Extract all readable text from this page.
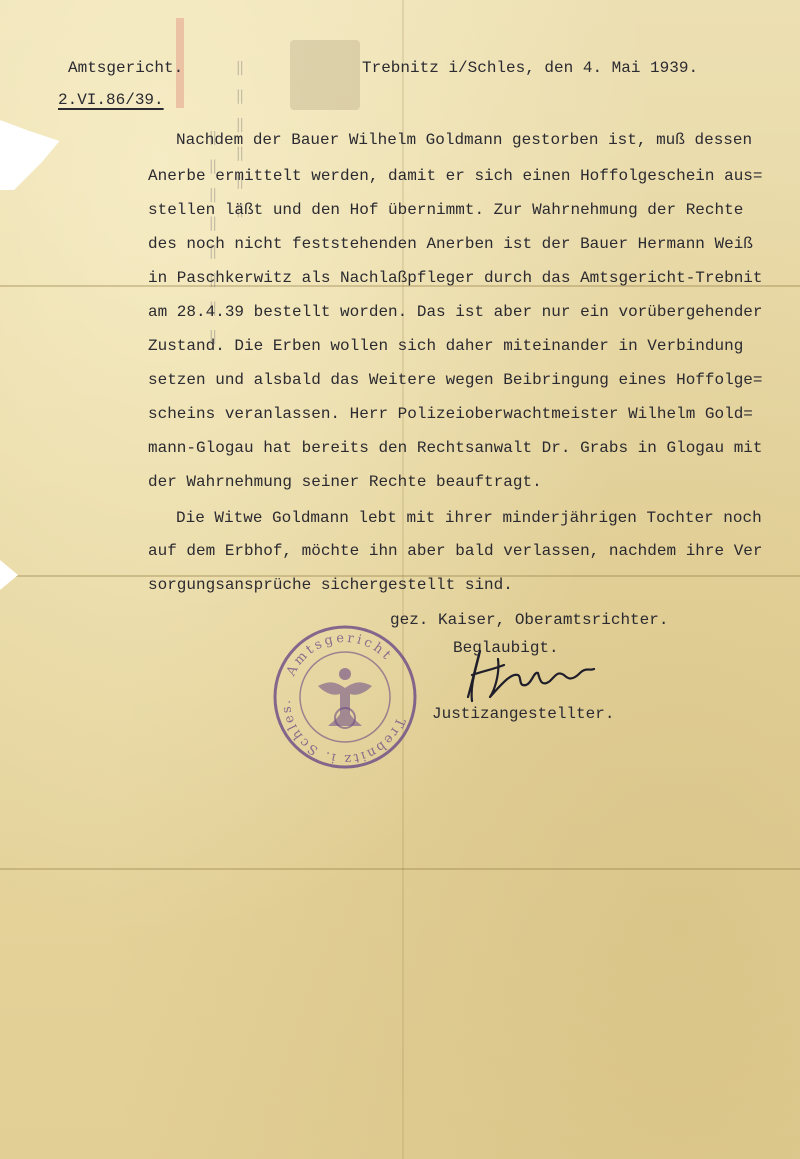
‖ ‖ ‖ ‖ ‖ ‖
‖ ‖ ‖ ‖ ‖ ‖ ‖ ‖
Amtsgericht.
2.VI.86/39.
Trebnitz i/Schles, den 4. Mai 1939.
Nachdem der Bauer Wilhelm Goldmann gestorben ist, muß dessen
Anerbe ermittelt werden, damit er sich einen Hoffolgeschein aus=
stellen läßt und den Hof übernimmt. Zur Wahrnehmung der Rechte
des noch nicht feststehenden Anerben ist der Bauer Hermann Weiß
in Paschkerwitz als Nachlaßpfleger durch das Amtsgericht-Trebnit
am 28.4.39 bestellt worden. Das ist aber nur ein vorübergehender
Zustand. Die Erben wollen sich daher miteinander in Verbindung
setzen und alsbald das Weitere wegen Beibringung eines Hoffolge=
scheins veranlassen. Herr Polizeioberwachtmeister Wilhelm Gold=
mann-Glogau hat bereits den Rechtsanwalt Dr. Grabs in Glogau mit
der Wahrnehmung seiner Rechte beauftragt.
Die Witwe Goldmann lebt mit ihrer minderjährigen Tochter noch
auf dem Erbhof, möchte ihn aber bald verlassen, nachdem ihre Ver
sorgungsansprüche sichergestellt sind.
gez. Kaiser, Oberamtsrichter.
Beglaubigt.
Justizangestellter.
Amtsgericht
Trebnitz i. Schles.
